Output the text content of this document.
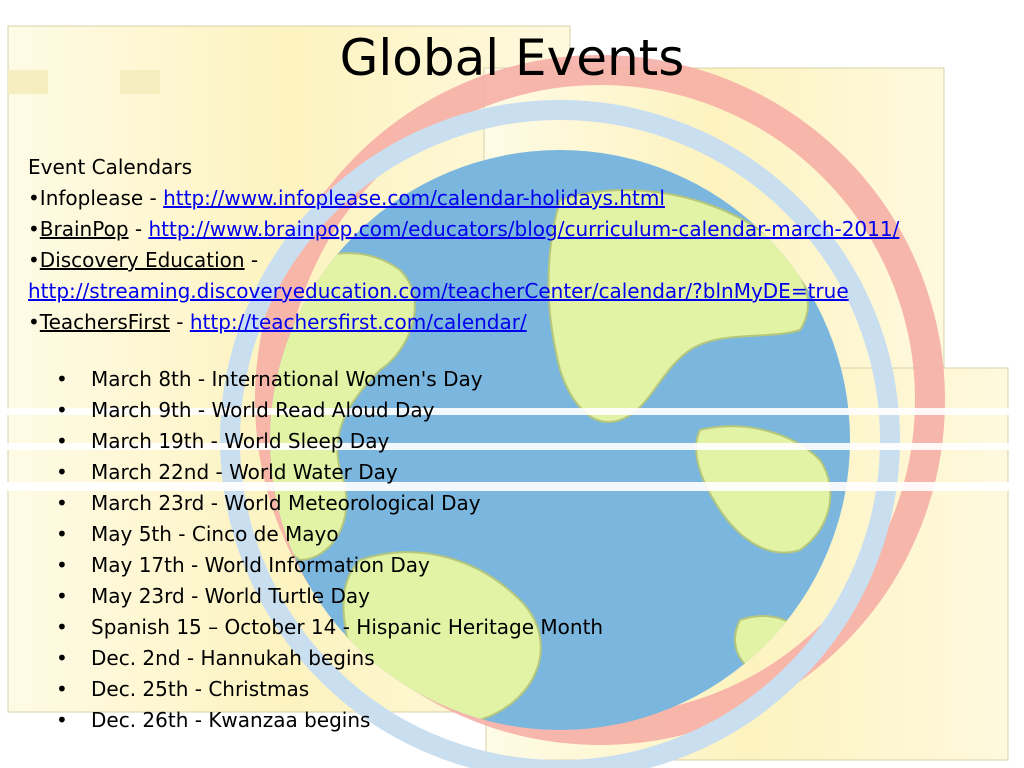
Global Events
Event Calendars
•Infoplease - http://www.infoplease.com/calendar-holidays.html
•BrainPop - http://www.brainpop.com/educators/blog/curriculum-calendar-march-2011/
•Discovery Education -
http://streaming.discoveryeducation.com/teacherCenter/calendar/?blnMyDE=true
•TeachersFirst - http://teachersfirst.com/calendar/
• March 8th - International Women's Day
• March 9th - World Read Aloud Day
• March 19th - World Sleep Day
• March 22nd - World Water Day
• March 23rd - World Meteorological Day
• May 5th - Cinco de Mayo
• May 17th - World Information Day
• May 23rd - World Turtle Day
• Spanish 15 – October 14 - Hispanic Heritage Month
• Dec. 2nd - Hannukah begins
• Dec. 25th - Christmas
• Dec. 26th - Kwanzaa begins
